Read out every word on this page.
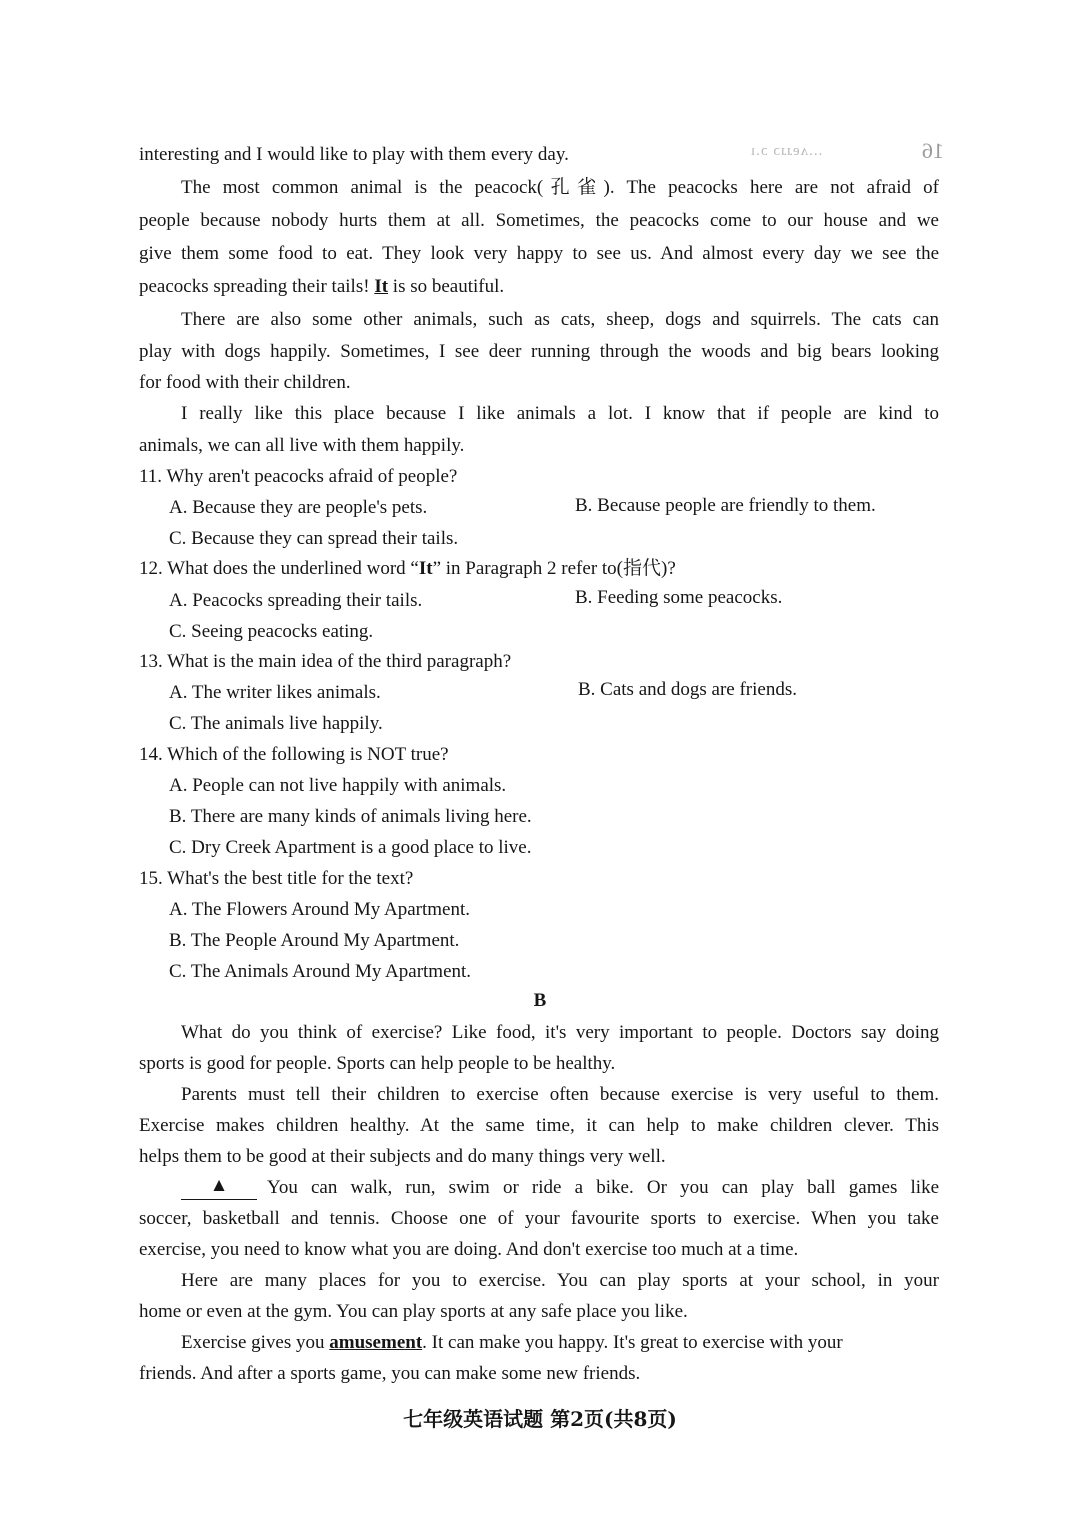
...ʌeɹɹɔ ɔ.ı	16
interesting and I would like to play with them every day.
The most common animal is the peacock(孔雀). The peacocks here are not afraid of
people because nobody hurts them at all. Sometimes, the peacocks come to our house and we
give them some food to eat. They look very happy to see us. And almost every day we see the
peacocks spreading their tails! It is so beautiful.
There are also some other animals, such as cats, sheep, dogs and squirrels. The cats can
play with dogs happily. Sometimes, I see deer running through the woods and big bears looking
for food with their children.
I really like this place because I like animals a lot. I know that if people are kind to
animals, we can all live with them happily.
11. Why aren't peacocks afraid of people?
A. Because they are people's pets.	B. Because people are friendly to them.
C. Because they can spread their tails.
12. What does the underlined word “It” in Paragraph 2 refer to(指代)?
A. Peacocks spreading their tails.	B. Feeding some peacocks.
C. Seeing peacocks eating.
13. What is the main idea of the third paragraph?
A. The writer likes animals.	B. Cats and dogs are friends.
C. The animals live happily.
14. Which of the following is NOT true?
A. People can not live happily with animals.
B. There are many kinds of animals living here.
C. Dry Creek Apartment is a good place to live.
15. What's the best title for the text?
A. The Flowers Around My Apartment.
B. The People Around My Apartment.
C. The Animals Around My Apartment.
B
What do you think of exercise? Like food, it's very important to people. Doctors say doing
sports is good for people. Sports can help people to be healthy.
Parents must tell their children to exercise often because exercise is very useful to them.
Exercise makes children healthy. At the same time, it can help to make children clever. This
helps them to be good at their subjects and do many things very well.
▲	You can walk, run, swim or ride a bike. Or you can play ball games like
soccer, basketball and tennis. Choose one of your favourite sports to exercise. When you take
exercise, you need to know what you are doing. And don't exercise too much at a time.
Here are many places for you to exercise. You can play sports at your school, in your
home or even at the gym. You can play sports at any safe place you like.
Exercise gives you amusement. It can make you happy. It's great to exercise with your
friends. And after a sports game, you can make some new friends.
七年级英语试题 第2页(共8页)
